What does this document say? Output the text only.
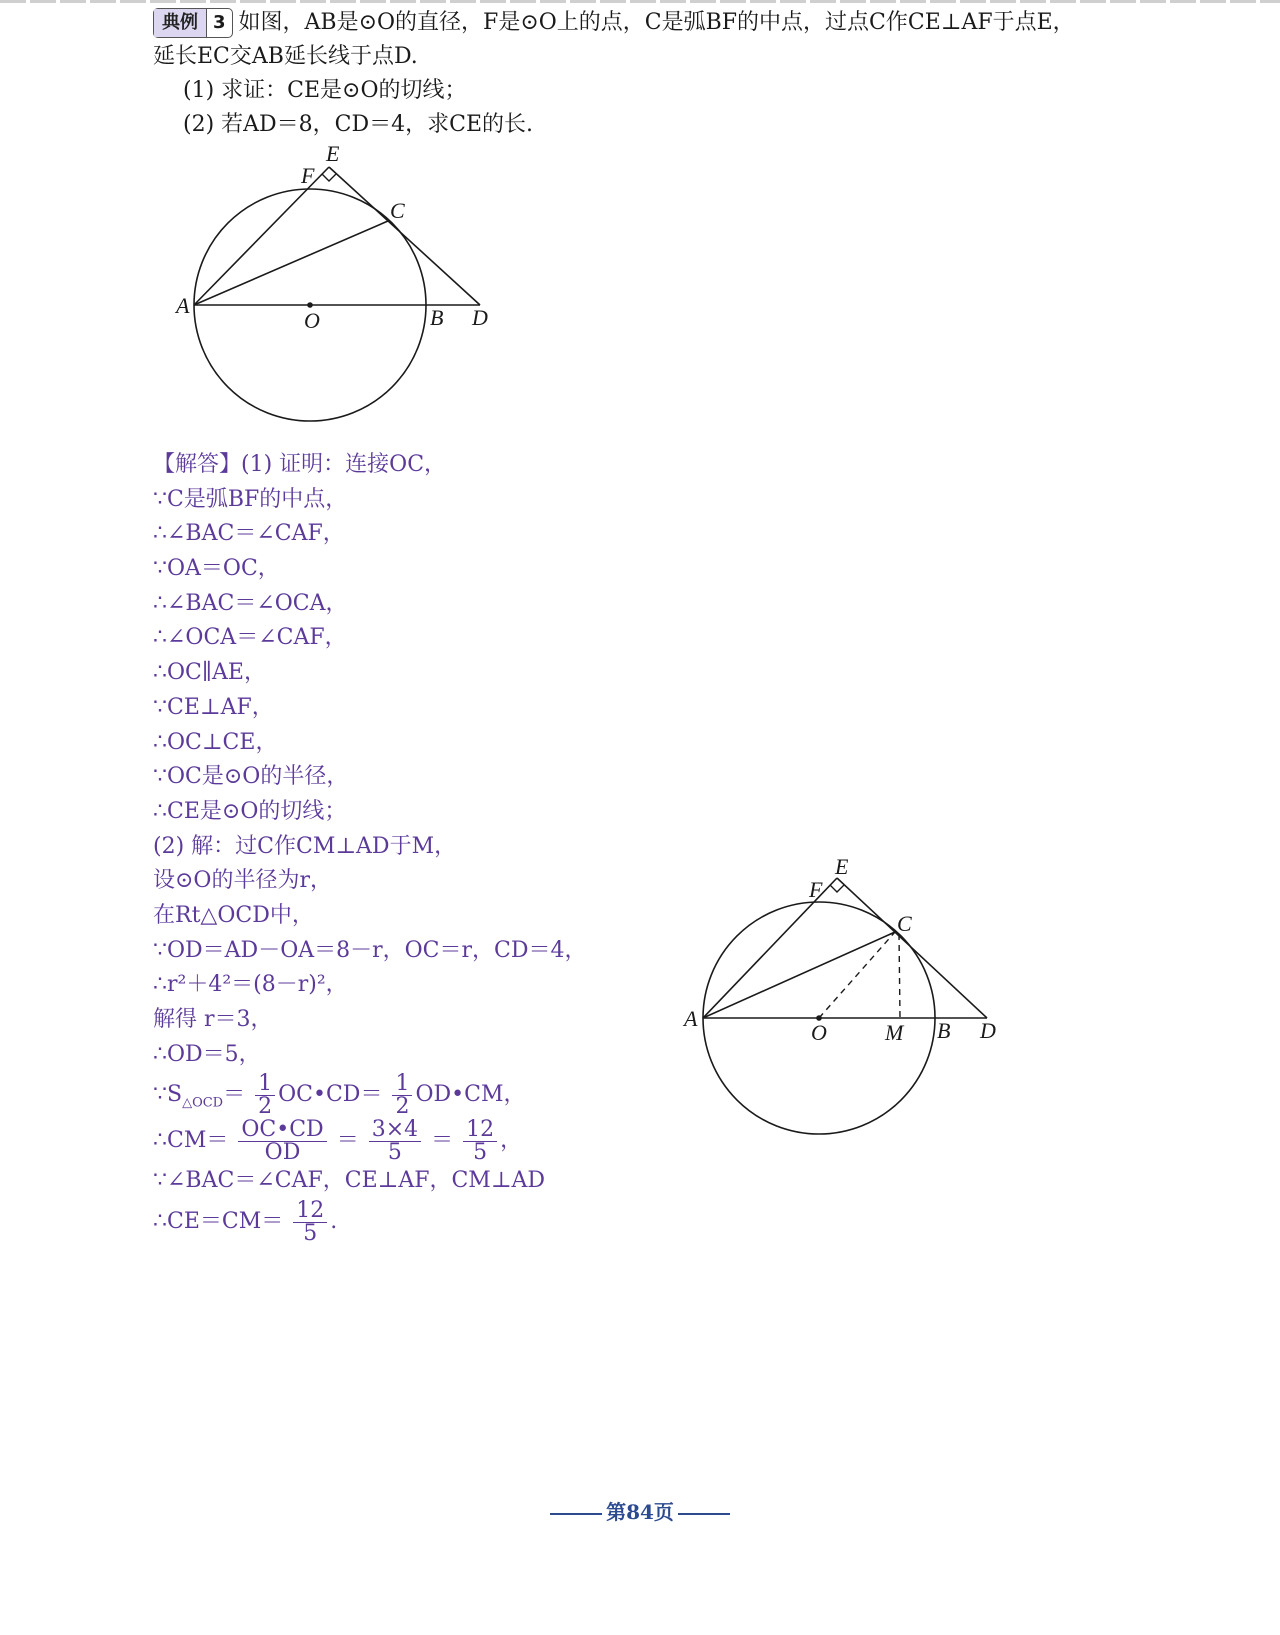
典例 3 如图，AB是⊙O的直径，F是⊙O上的点，C是弧BF的中点，过点C作CE⊥AF于点E，
延长EC交AB延长线于点D.
(1) 求证：CE是⊙O的切线；
(2) 若AD＝8，CD＝4，求CE的长.
E
F
C
A
O	B D
【解答】(1) 证明：连接OC，
∵C是弧BF的中点，
∴∠BAC＝∠CAF，
∵OA＝OC，
∴∠BAC＝∠OCA，
∴∠OCA＝∠CAF，
∴OC∥AE，
∵CE⊥AF，
∴OC⊥CE，
∵OC是⊙O的半径，
∴CE是⊙O的切线；
(2) 解：过C作CM⊥AD于M，
设⊙O的半径为r，
在Rt△OCD中，
∵OD＝AD－OA＝8－r，OC＝r，CD＝4，
∴r²＋4²＝(8－r)²，
解得 r＝3，
∴OD＝5，
$\because S_{\triangle OCD}= \frac{1}{2}$ OC•CD＝ $\frac{1}{2}$ OD•CM，
∴CM＝ $\frac{OC•CD}{OD} = \frac{3\times 4}{5} = \frac{12}{5}$ ，
∵∠BAC＝∠CAF，CE⊥AF，CM⊥AD
∴CE＝CM＝ $\frac{12}{5}$ .
E
F
C
A
O	M B D
第84页
